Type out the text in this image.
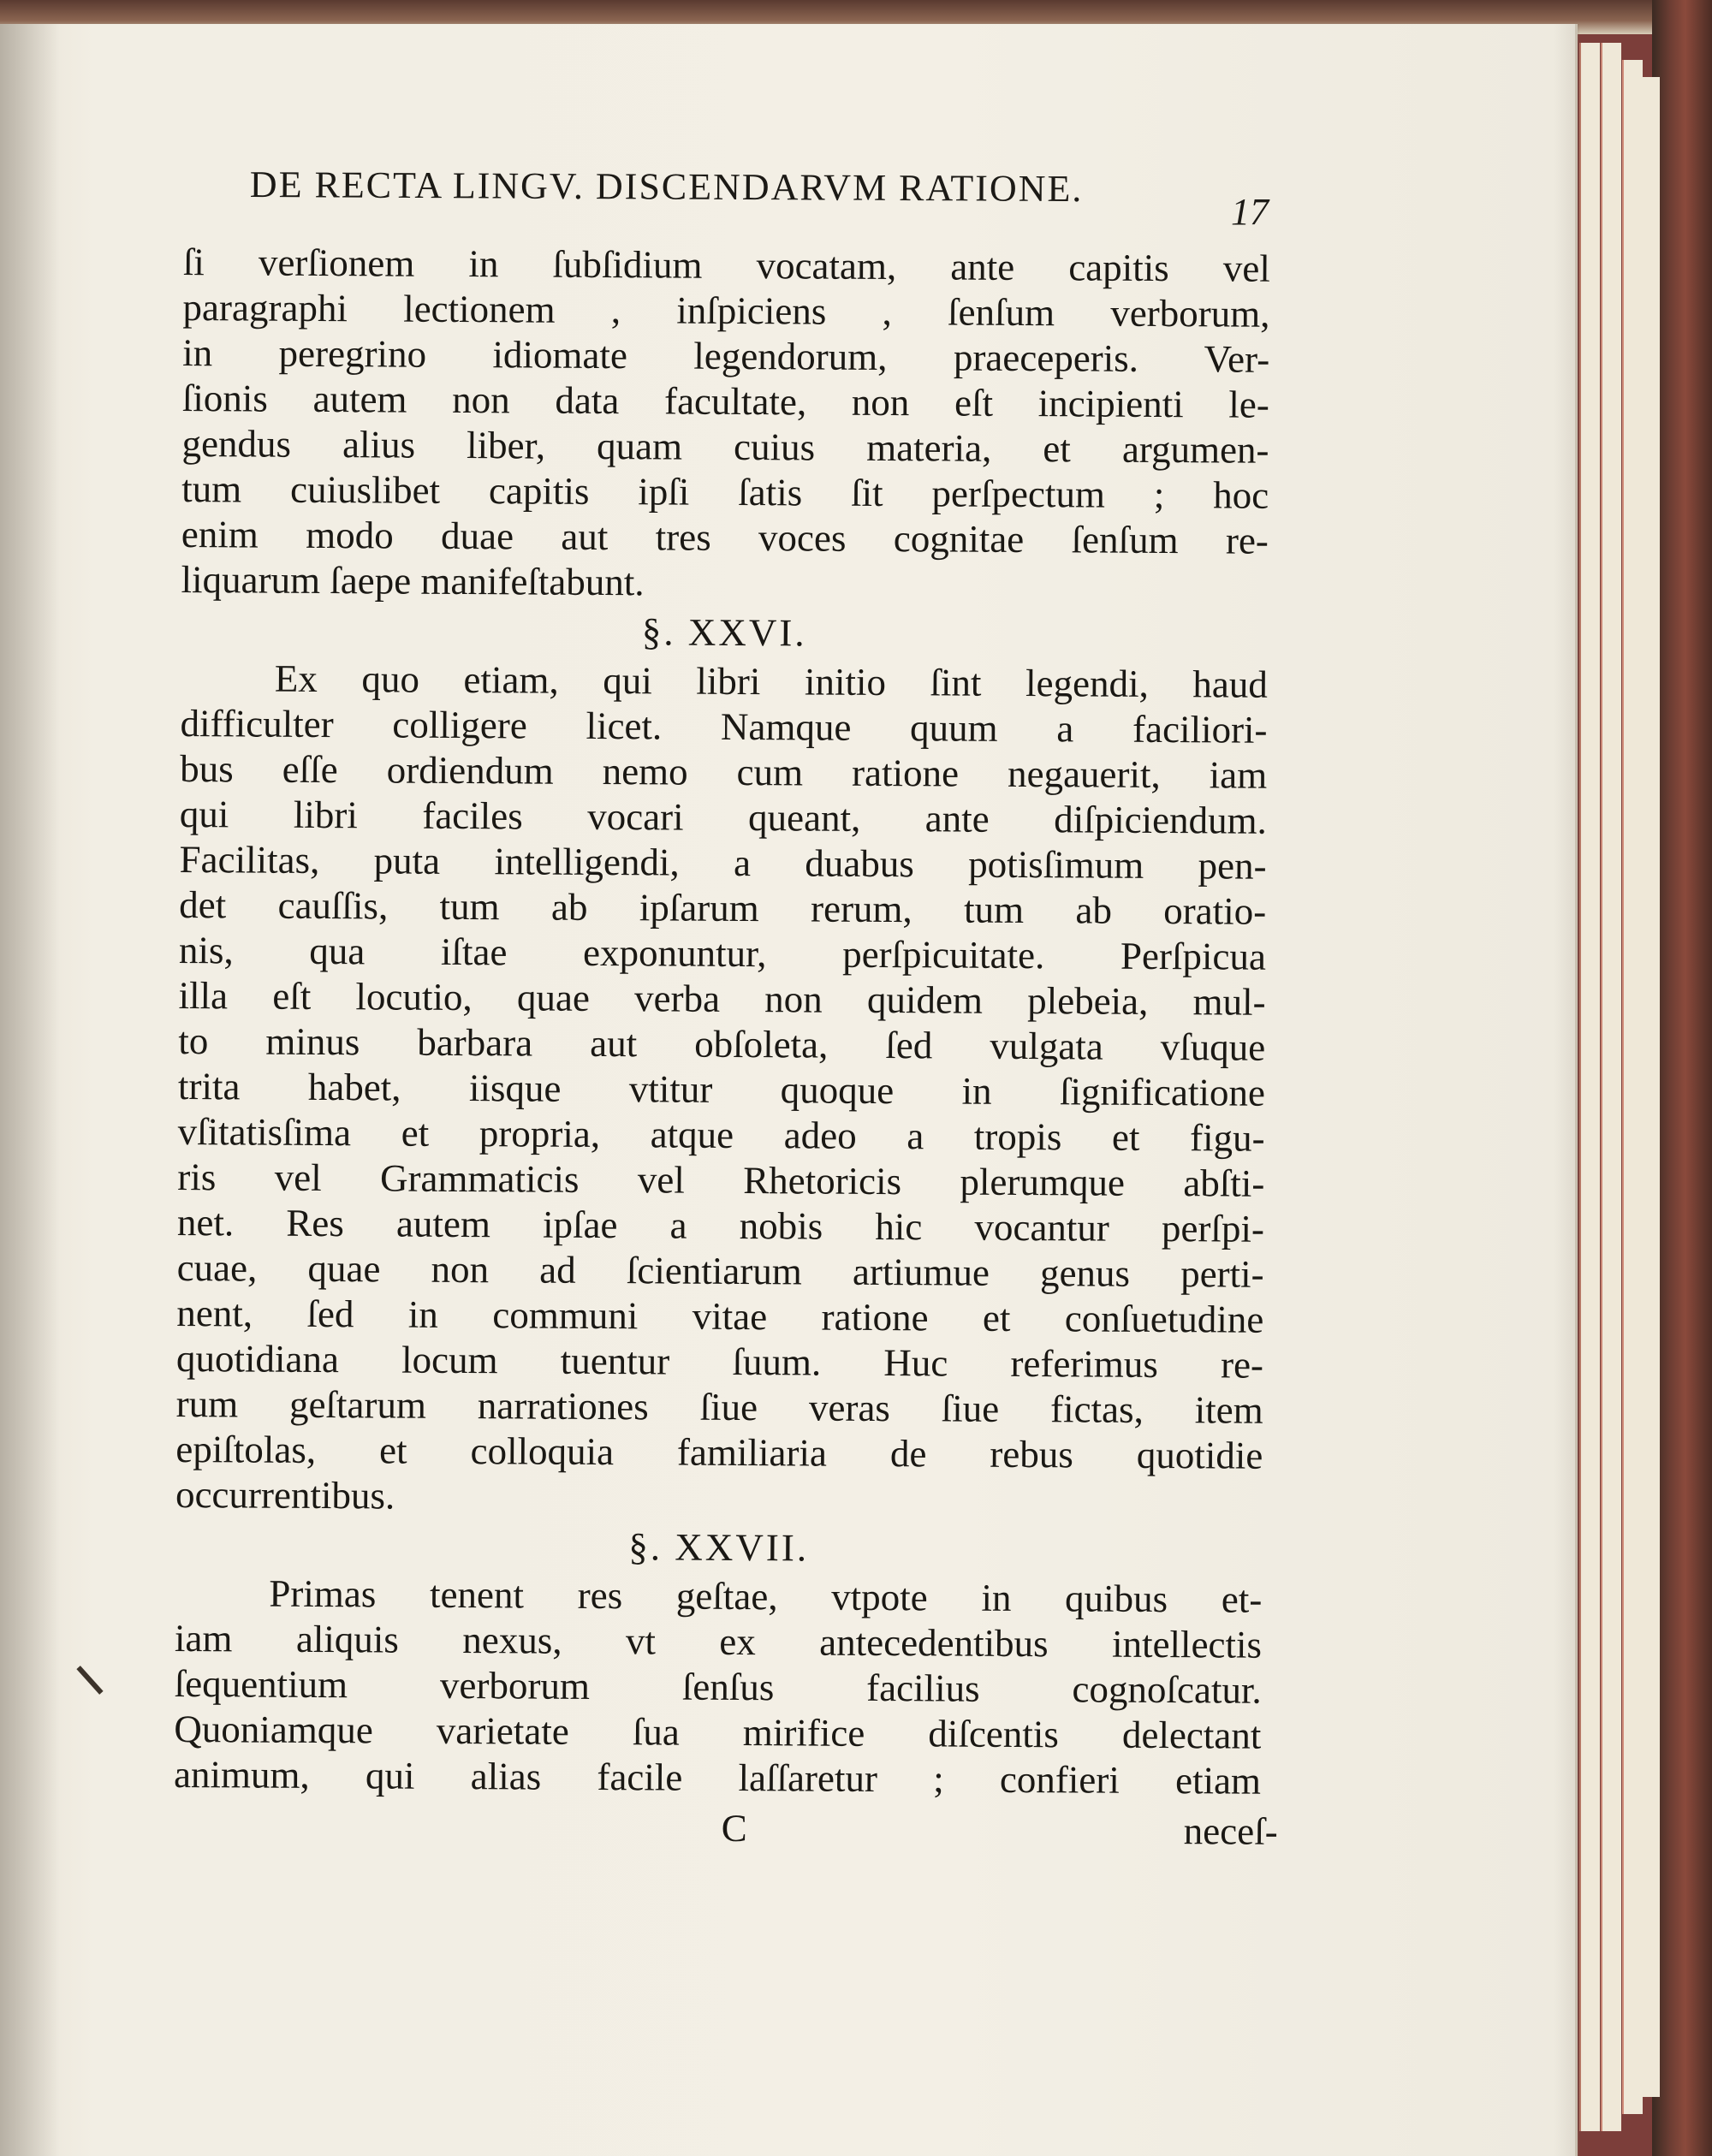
DE RECTA LINGV. DISCENDARVM RATIONE.
17
ſi verſionem in ſubſidium vocatam, ante capitis vel
paragraphi lectionem , inſpiciens , ſenſum verborum,
in peregrino idiomate legendorum, praeceperis. Ver-
ſionis autem non data facultate, non eſt incipienti le-
gendus alius liber, quam cuius materia, et argumen-
tum cuiuslibet capitis ipſi ſatis ſit perſpectum ; hoc
enim modo duae aut tres voces cognitae ſenſum re-
liquarum ſaepe manifeſtabunt.
§. XXVI.
Ex quo etiam, qui libri initio ſint legendi, haud
difficulter colligere licet. Namque quum a faciliori-
bus eſſe ordiendum nemo cum ratione negauerit, iam
qui libri faciles vocari queant, ante diſpiciendum.
Facilitas, puta intelligendi, a duabus potisſimum pen-
det cauſſis, tum ab ipſarum rerum, tum ab oratio-
nis, qua iſtae exponuntur, perſpicuitate. Perſpicua
illa eſt locutio, quae verba non quidem plebeia, mul-
to minus barbara aut obſoleta, ſed vulgata vſuque
trita habet, iisque vtitur quoque in ſignificatione
vſitatisſima et propria, atque adeo a tropis et figu-
ris vel Grammaticis vel Rhetoricis plerumque abſti-
net. Res autem ipſae a nobis hic vocantur perſpi-
cuae, quae non ad ſcientiarum artiumue genus perti-
nent, ſed in communi vitae ratione et conſuetudine
quotidiana locum tuentur ſuum. Huc referimus re-
rum geſtarum narrationes ſiue veras ſiue fictas, item
epiſtolas, et colloquia familiaria de rebus quotidie
occurrentibus.
§. XXVII.
Primas tenent res geſtae, vtpote in quibus et-
iam aliquis nexus, vt ex antecedentibus intellectis
ſequentium verborum ſenſus facilius cognoſcatur.
Quoniamque varietate ſua mirifice diſcentis delectant
animum, qui alias facile laſſaretur ; confieri etiam
C	neceſ-
